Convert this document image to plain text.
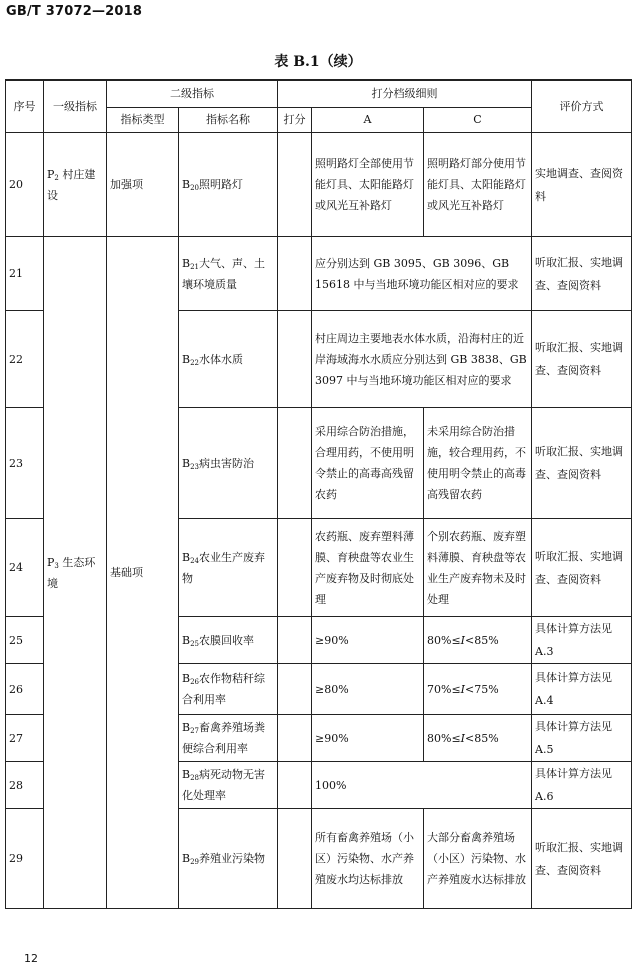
GB/T 37072—2018
表 B.1（续）
序号	一级指标	二级指标		打分档级细则			评价方式
		指标类型	指标名称	打分	A	C	
20	$P_2$ 村庄建设	加强项	$B_{20}$照明路灯		照明路灯全部使用节能灯具、太阳能路灯或风光互补路灯	照明路灯部分使用节能灯具、太阳能路灯或风光互补路灯	实地调查、查阅资料
21	$P_3$ 生态环境	基础项	$B_{21}$大气、声、土壤环境质量		应分别达到 GB 3095、GB 3096、GB 15618 中与当地环境功能区相对应的要求		听取汇报、实地调查、查阅资料
22			$B_{22}$水体水质		村庄周边主要地表水体水质，沿海村庄的近岸海域海水水质应分别达到 GB 3838、GB 3097 中与当地环境功能区相对应的要求		听取汇报、实地调查、查阅资料
23			$B_{23}$病虫害防治		采用综合防治措施，合理用药，不使用明令禁止的高毒高残留农药	未采用综合防治措施，较合理用药，不使用明令禁止的高毒高残留农药	听取汇报、实地调查、查阅资料
24			$B_{24}$农业生产废弃物		农药瓶、废弃塑料薄膜、育秧盘等农业生产废弃物及时彻底处理	个别农药瓶、废弃塑料薄膜、育秧盘等农业生产废弃物未及时处理	听取汇报、实地调查、查阅资料
25			$B_{25}$农膜回收率		≥90%	80%≤I<85%	具体计算方法见 A.3
26			$B_{26}$农作物秸秆综合利用率		≥80%	70%≤I<75%	具体计算方法见 A.4
27			$B_{27}$畜禽养殖场粪便综合利用率		≥90%	80%≤I<85%	具体计算方法见 A.5
28			$B_{28}$病死动物无害化处理率		100%		具体计算方法见 A.6
29			$B_{29}$养殖业污染物		所有畜禽养殖场（小区）污染物、水产养殖废水均达标排放	大部分畜禽养殖场（小区）污染物、水产养殖废水达标排放	听取汇报、实地调查、查阅资料
12
